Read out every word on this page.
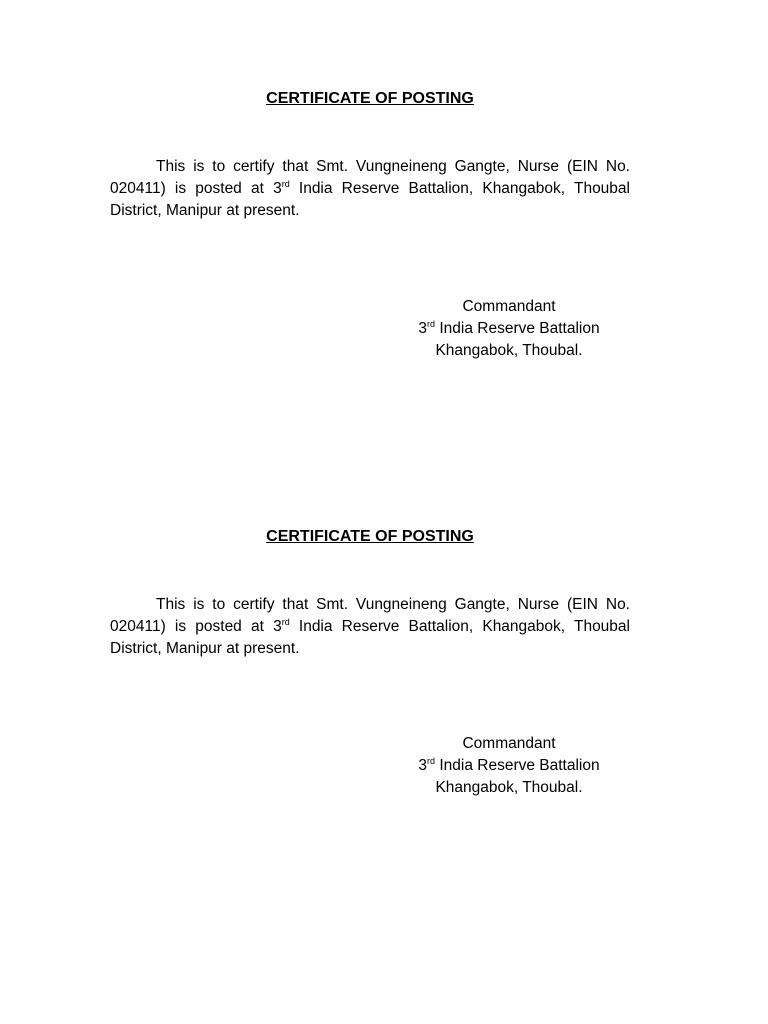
CERTIFICATE OF POSTING
This is to certify that Smt. Vungneineng Gangte, Nurse (EIN No.
020411) is posted at 3rd India Reserve Battalion, Khangabok, Thoubal
District, Manipur at present.
Commandant
3rd India Reserve Battalion
Khangabok, Thoubal.
CERTIFICATE OF POSTING
This is to certify that Smt. Vungneineng Gangte, Nurse (EIN No.
020411) is posted at 3rd India Reserve Battalion, Khangabok, Thoubal
District, Manipur at present.
Commandant
3rd India Reserve Battalion
Khangabok, Thoubal.
